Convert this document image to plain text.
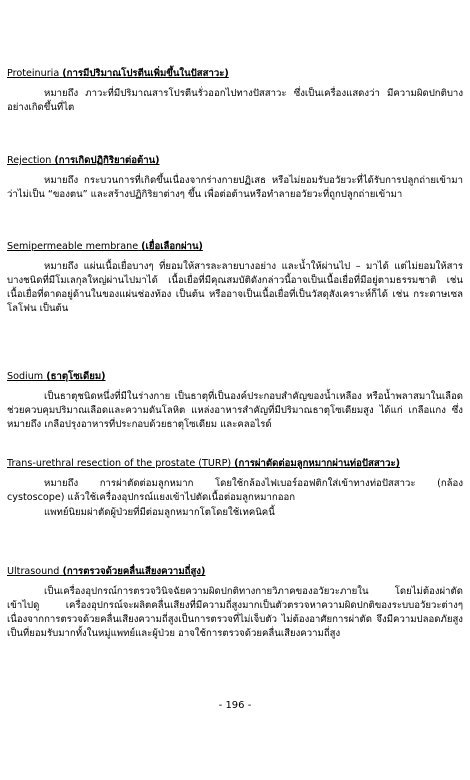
Proteinuria (การมีปริมาณโปรตีนเพิ่มขึ้นในปัสสาวะ)

หมายถึง ภาวะที่มีปริมาณสารโปรตีนรั่วออกไปทางปัสสาวะ ซึ่งเป็นเครื่องแสดงว่า มีความผิดปกติบางอย่างเกิดขึ้นที่ไต

Rejection (การเกิดปฏิกิริยาต่อต้าน)

หมายถึง กระบวนการที่เกิดขึ้นเนื่องจากร่างกายปฏิเสธ หรือไม่ยอมรับอวัยวะที่ได้รับการปลูกถ่ายเข้ามาว่าไม่เป็น “ของตน” และสร้างปฏิกิริยาต่างๆ ขึ้น เพื่อต่อต้านหรือทำลายอวัยวะที่ถูกปลูกถ่ายเข้ามา

Semipermeable membrane (เยื่อเลือกผ่าน)

หมายถึง แผ่นเนื้อเยื่อบางๆ ที่ยอมให้สารละลายบางอย่าง และน้ำให้ผ่านไป – มาได้ แต่ไม่ยอมให้สารบางชนิดที่มีโมเลกุลใหญ่ผ่านไปมาได้ เนื้อเยื่อที่มีคุณสมบัติดังกล่าวนี้อาจเป็นเนื้อเยื่อที่มีอยู่ตามธรรมชาติ เช่น เนื้อเยื่อที่ดาดอยู่ด้านในของแผ่นช่องท้อง เป็นต้น หรืออาจเป็นเนื้อเยื่อที่เป็นวัสดุสังเคราะห์ก็ได้ เช่น กระดาษเซลโลโฟน เป็นต้น

Sodium (ธาตุโซเดียม)

เป็นธาตุชนิดหนึ่งที่มีในร่างกาย เป็นธาตุที่เป็นองค์ประกอบสำคัญของน้ำเหลือง หรือน้ำพลาสมาในเลือด ช่วยควบคุมปริมาณเลือดและความดันโลหิต แหล่งอาหารสำคัญที่มีปริมาณธาตุโซเดียมสูง ได้แก่ เกลือแกง ซึ่งหมายถึง เกลือปรุงอาหารที่ประกอบด้วยธาตุโซเดียม และคลอไรด์

Trans-urethral resection of the prostate (TURP) (การผ่าตัดต่อมลูกหมากผ่านท่อปัสสาวะ)

หมายถึง การผ่าตัดต่อมลูกหมาก โดยใช้กล้องไฟเบอร์ออฟติกใส่เข้าทางท่อปัสสาวะ (กล้อง cystoscope) แล้วใช้เครื่องอุปกรณ์แยงเข้าไปตัดเนื้อต่อมลูกหมากออก

แพทย์นิยมผ่าตัดผู้ป่วยที่มีต่อมลูกหมากโตโดยใช้เทคนิคนี้

Ultrasound (การตรวจด้วยคลื่นเสียงความถี่สูง)

เป็นเครื่องอุปกรณ์การตรวจวินิจฉัยความผิดปกติทางกายวิภาคของอวัยวะภายใน โดยไม่ต้องผ่าตัดเข้าไปดู เครื่องอุปกรณ์จะผลิตคลื่นเสียงที่มีความถี่สูงมากเป็นตัวตรวจหาความผิดปกติของระบบอวัยวะต่างๆ เนื่องจากการตรวจด้วยคลื่นเสียงความถี่สูงเป็นการตรวจที่ไม่เจ็บตัว ไม่ต้องอาศัยการผ่าตัด จึงมีความปลอดภัยสูง เป็นที่ยอมรับมากทั้งในหมู่แพทย์และผู้ป่วย อาจใช้การตรวจด้วยคลื่นเสียงความถี่สูง

- 196 -
